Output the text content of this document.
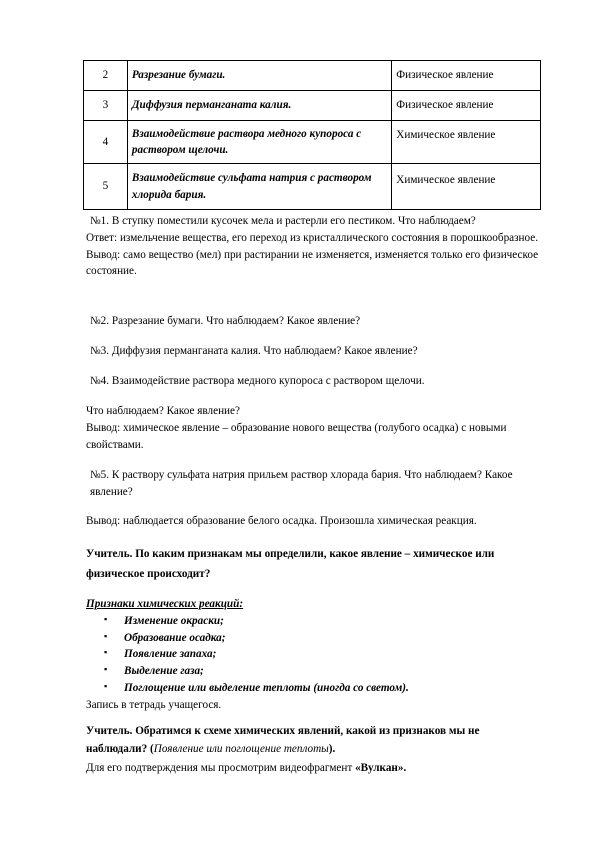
2	Разрезание бумаги.	Физическое явление
3	Диффузия перманганата калия.	Физическое явление
4	Взаимодействие раствора медного купороса с раствором щелочи.	Химическое явление
5	Взаимодействие сульфата натрия с раствором хлорида бария.	Химическое явление
№1. В ступку поместили кусочек мела и растерли его пестиком. Что наблюдаем?
Ответ: измельчение вещества, его переход из кристаллического состояния в порошкообразное.
Вывод: само вещество (мел) при растирании не изменяется, изменяется только его физическое состояние.
№2. Разрезание бумаги. Что наблюдаем? Какое явление?
№3. Диффузия перманганата калия. Что наблюдаем? Какое явление?
№4. Взаимодействие раствора медного купороса с раствором щелочи.
Что наблюдаем? Какое явление?
Вывод: химическое явление – образование нового вещества (голубого осадка) с новыми свойствами.
№5. К раствору сульфата натрия прильем раствор хлорада бария. Что наблюдаем? Какое явление?
Вывод: наблюдается образование белого осадка. Произошла химическая реакция.
Учитель. По каким признакам мы определили, какое явление – химическое или физическое происходит?
Признаки химических реакций:
▪ Изменение окраски;
▪ Образование осадка;
▪ Появление запаха;
▪ Выделение газа;
▪ Поглощение или выделение теплоты (иногда со светом).
Запись в тетрадь учащегося.
Учитель. Обратимся к схеме химических явлений, какой из признаков мы не наблюдали? (Появление или поглощение теплоты).
Для его подтверждения мы просмотрим видеофрагмент «Вулкан».
